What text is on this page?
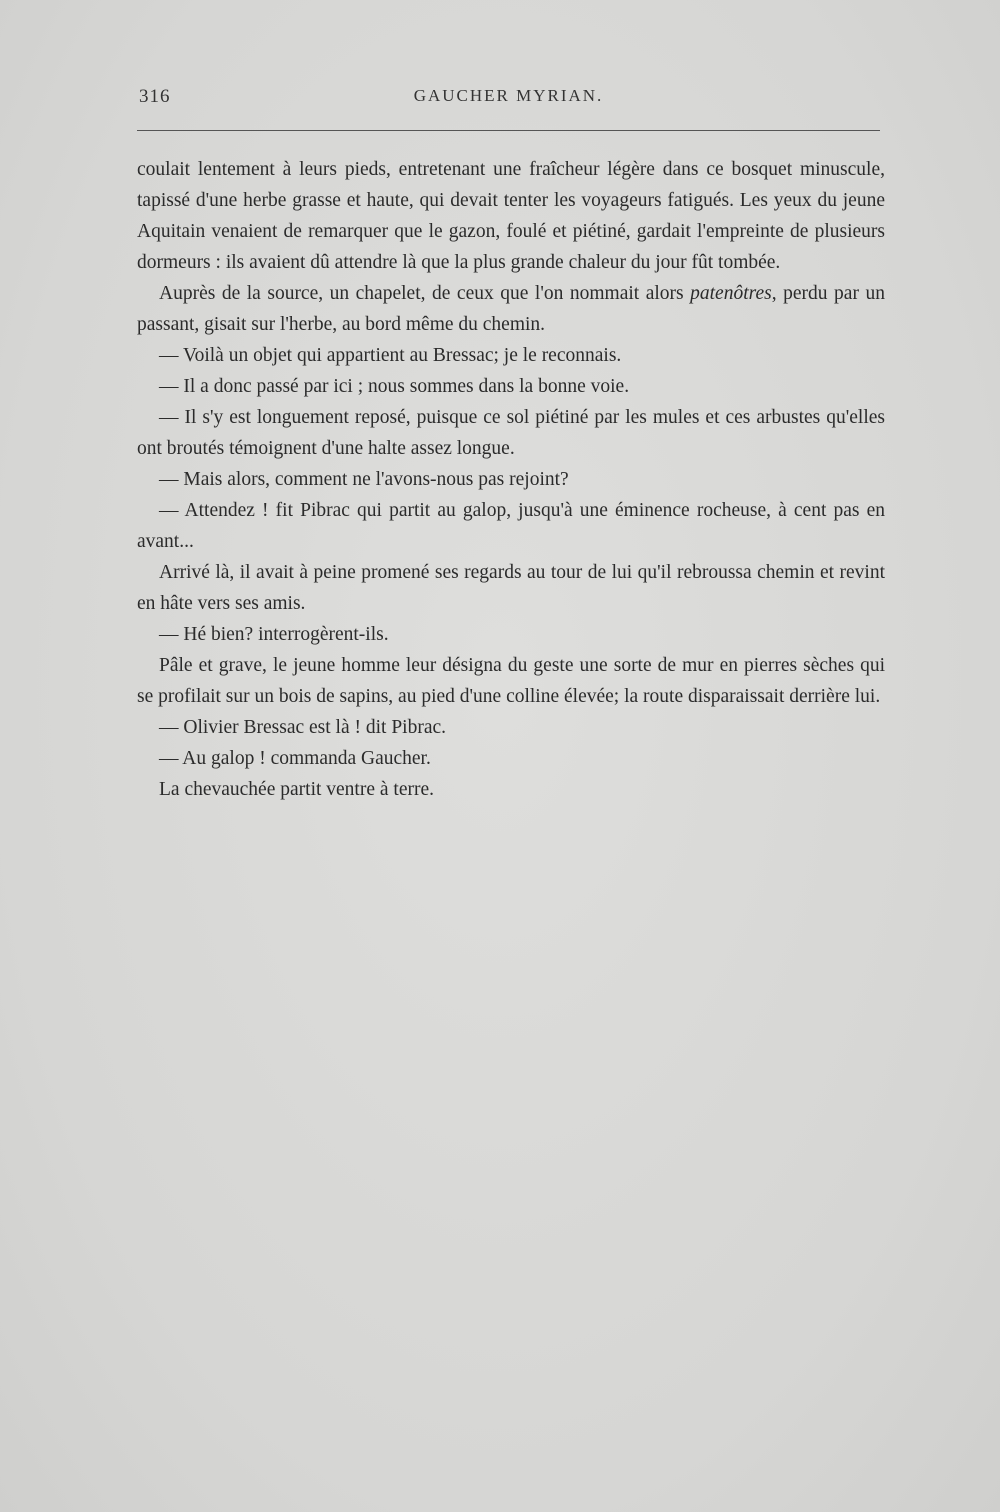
316	GAUCHER MYRIAN.

coulait lentement à leurs pieds, entretenant une fraîcheur légère dans ce bosquet minuscule, tapissé d'une herbe grasse et haute, qui devait tenter les voyageurs fatigués. Les yeux du jeune Aquitain venaient de remarquer que le gazon, foulé et piétiné, gardait l'empreinte de plusieurs dormeurs : ils avaient dû attendre là que la plus grande chaleur du jour fût tombée.

Auprès de la source, un chapelet, de ceux que l'on nommait alors patenôtres, perdu par un passant, gisait sur l'herbe, au bord même du chemin.

— Voilà un objet qui appartient au Bressac; je le reconnais.

— Il a donc passé par ici ; nous sommes dans la bonne voie.

— Il s'y est longuement reposé, puisque ce sol piétiné par les mules et ces arbustes qu'elles ont broutés témoignent d'une halte assez longue.

— Mais alors, comment ne l'avons-nous pas rejoint?

— Attendez ! fit Pibrac qui partit au galop, jusqu'à une éminence rocheuse, à cent pas en avant...

Arrivé là, il avait à peine promené ses regards au tour de lui qu'il rebroussa chemin et revint en hâte vers ses amis.

— Hé bien? interrogèrent-ils.

Pâle et grave, le jeune homme leur désigna du geste une sorte de mur en pierres sèches qui se profilait sur un bois de sapins, au pied d'une colline élevée; la route disparaissait derrière lui.

— Olivier Bressac est là ! dit Pibrac.

— Au galop ! commanda Gaucher.

La chevauchée partit ventre à terre.
